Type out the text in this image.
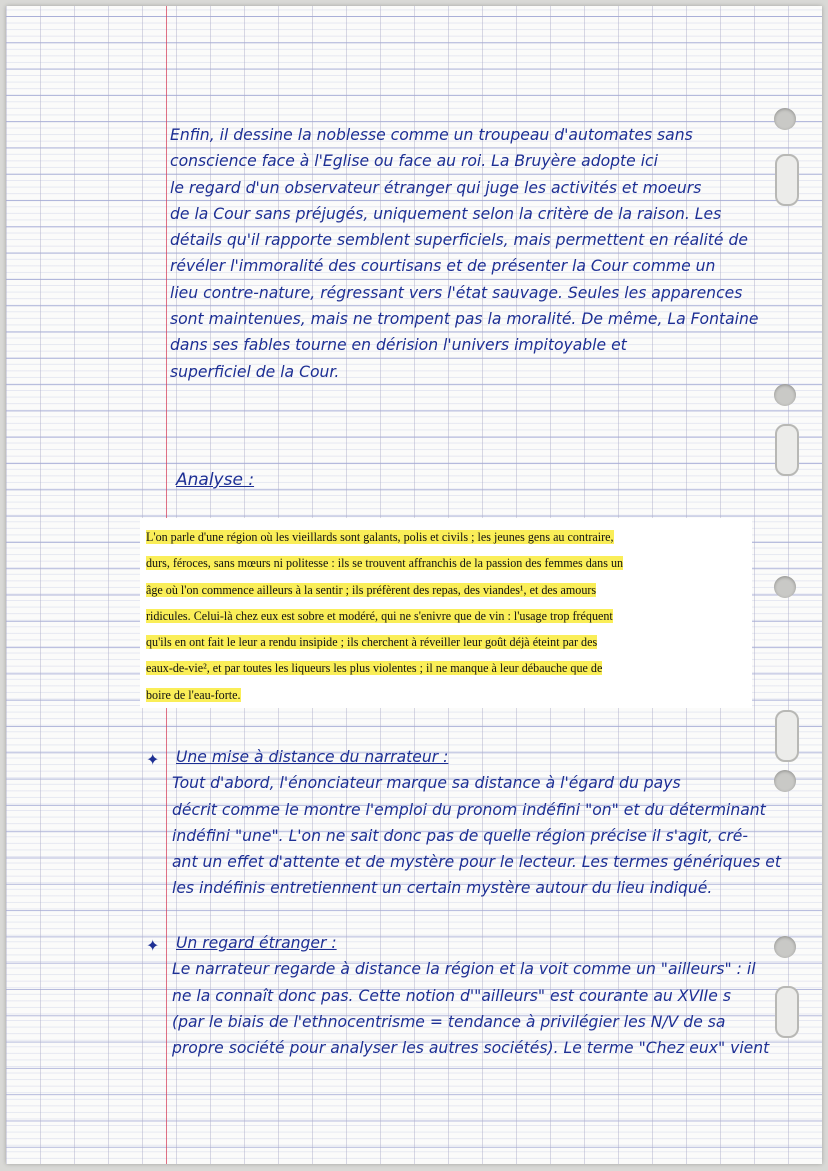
Enfin, il dessine la noblesse comme un troupeau d'automates sans
conscience face à l'Eglise ou face au roi. La Bruyère adopte ici
le regard d'un observateur étranger qui juge les activités et moeurs
de la Cour sans préjugés, uniquement selon la critère de la raison. Les
détails qu'il rapporte semblent superficiels, mais permettent en réalité de
révéler l'immoralité des courtisans et de présenter la Cour comme un
lieu contre-nature, régressant vers l'état sauvage. Seules les apparences
sont maintenues, mais ne trompent pas la moralité. De même, La Fontaine
dans ses fables tourne en dérision l'univers impitoyable et
superficiel de la Cour.
Analyse :
L'on parle d'une région où les vieillards sont galants, polis et civils ; les jeunes gens au contraire,
durs, féroces, sans mœurs ni politesse : ils se trouvent affranchis de la passion des femmes dans un
âge où l'on commence ailleurs à la sentir ; ils préfèrent des repas, des viandes¹, et des amours
ridicules. Celui-là chez eux est sobre et modéré, qui ne s'enivre que de vin : l'usage trop fréquent
qu'ils en ont fait le leur a rendu insipide ; ils cherchent à réveiller leur goût déjà éteint par des
eaux-de-vie², et par toutes les liqueurs les plus violentes ; il ne manque à leur débauche que de
boire de l'eau-forte.
✦ Une mise à distance du narrateur :
Tout d'abord, l'énonciateur marque sa distance à l'égard du pays
décrit comme le montre l'emploi du pronom indéfini "on" et du déterminant
indéfini "une". L'on ne sait donc pas de quelle région précise il s'agit, cré-
ant un effet d'attente et de mystère pour le lecteur. Les termes génériques et
les indéfinis entretiennent un certain mystère autour du lieu indiqué.
✦ Un regard étranger :
Le narrateur regarde à distance la région et la voit comme un "ailleurs" : il
ne la connaît donc pas. Cette notion d'"ailleurs" est courante au XVIIe s
(par le biais de l'ethnocentrisme = tendance à privilégier les N/V de sa
propre société pour analyser les autres sociétés). Le terme "Chez eux" vient
